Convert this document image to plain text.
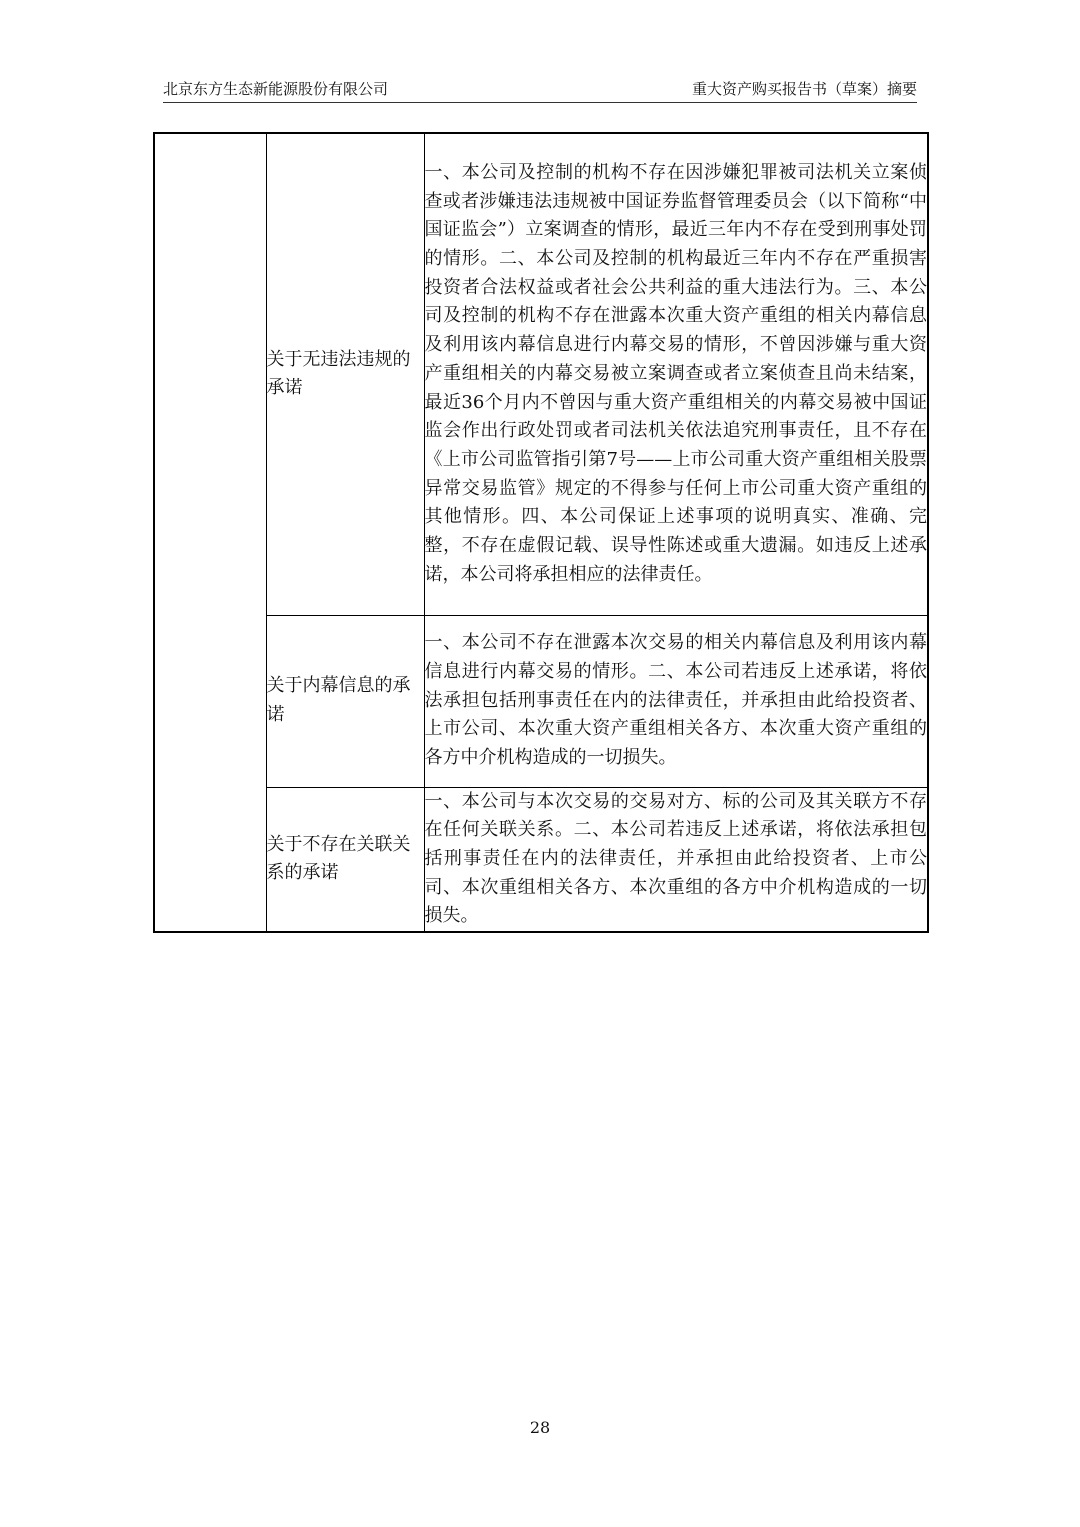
北京东方生态新能源股份有限公司	重大资产购买报告书（草案）摘要
	关于无违法违规的承诺	一、本公司及控制的机构不存在因涉嫌犯罪被司法机关立案侦查或者涉嫌违法违规被中国证券监督管理委员会（以下简称“中国证监会”）立案调查的情形，最近三年内不存在受到刑事处罚的情形。二、本公司及控制的机构最近三年内不存在严重损害投资者合法权益或者社会公共利益的重大违法行为。三、本公司及控制的机构不存在泄露本次重大资产重组的相关内幕信息及利用该内幕信息进行内幕交易的情形，不曾因涉嫌与重大资产重组相关的内幕交易被立案调查或者立案侦查且尚未结案，最近36个月内不曾因与重大资产重组相关的内幕交易被中国证监会作出行政处罚或者司法机关依法追究刑事责任，且不存在《上市公司监管指引第7号——上市公司重大资产重组相关股票异常交易监管》规定的不得参与任何上市公司重大资产重组的其他情形。四、本公司保证上述事项的说明真实、准确、完整，不存在虚假记载、误导性陈述或重大遗漏。如违反上述承诺，本公司将承担相应的法律责任。
	关于内幕信息的承诺	一、本公司不存在泄露本次交易的相关内幕信息及利用该内幕信息进行内幕交易的情形。二、本公司若违反上述承诺，将依法承担包括刑事责任在内的法律责任，并承担由此给投资者、上市公司、本次重大资产重组相关各方、本次重大资产重组的各方中介机构造成的一切损失。
	关于不存在关联关系的承诺	一、本公司与本次交易的交易对方、标的公司及其关联方不存在任何关联关系。二、本公司若违反上述承诺，将依法承担包括刑事责任在内的法律责任，并承担由此给投资者、上市公司、本次重组相关各方、本次重组的各方中介机构造成的一切损失。
28
